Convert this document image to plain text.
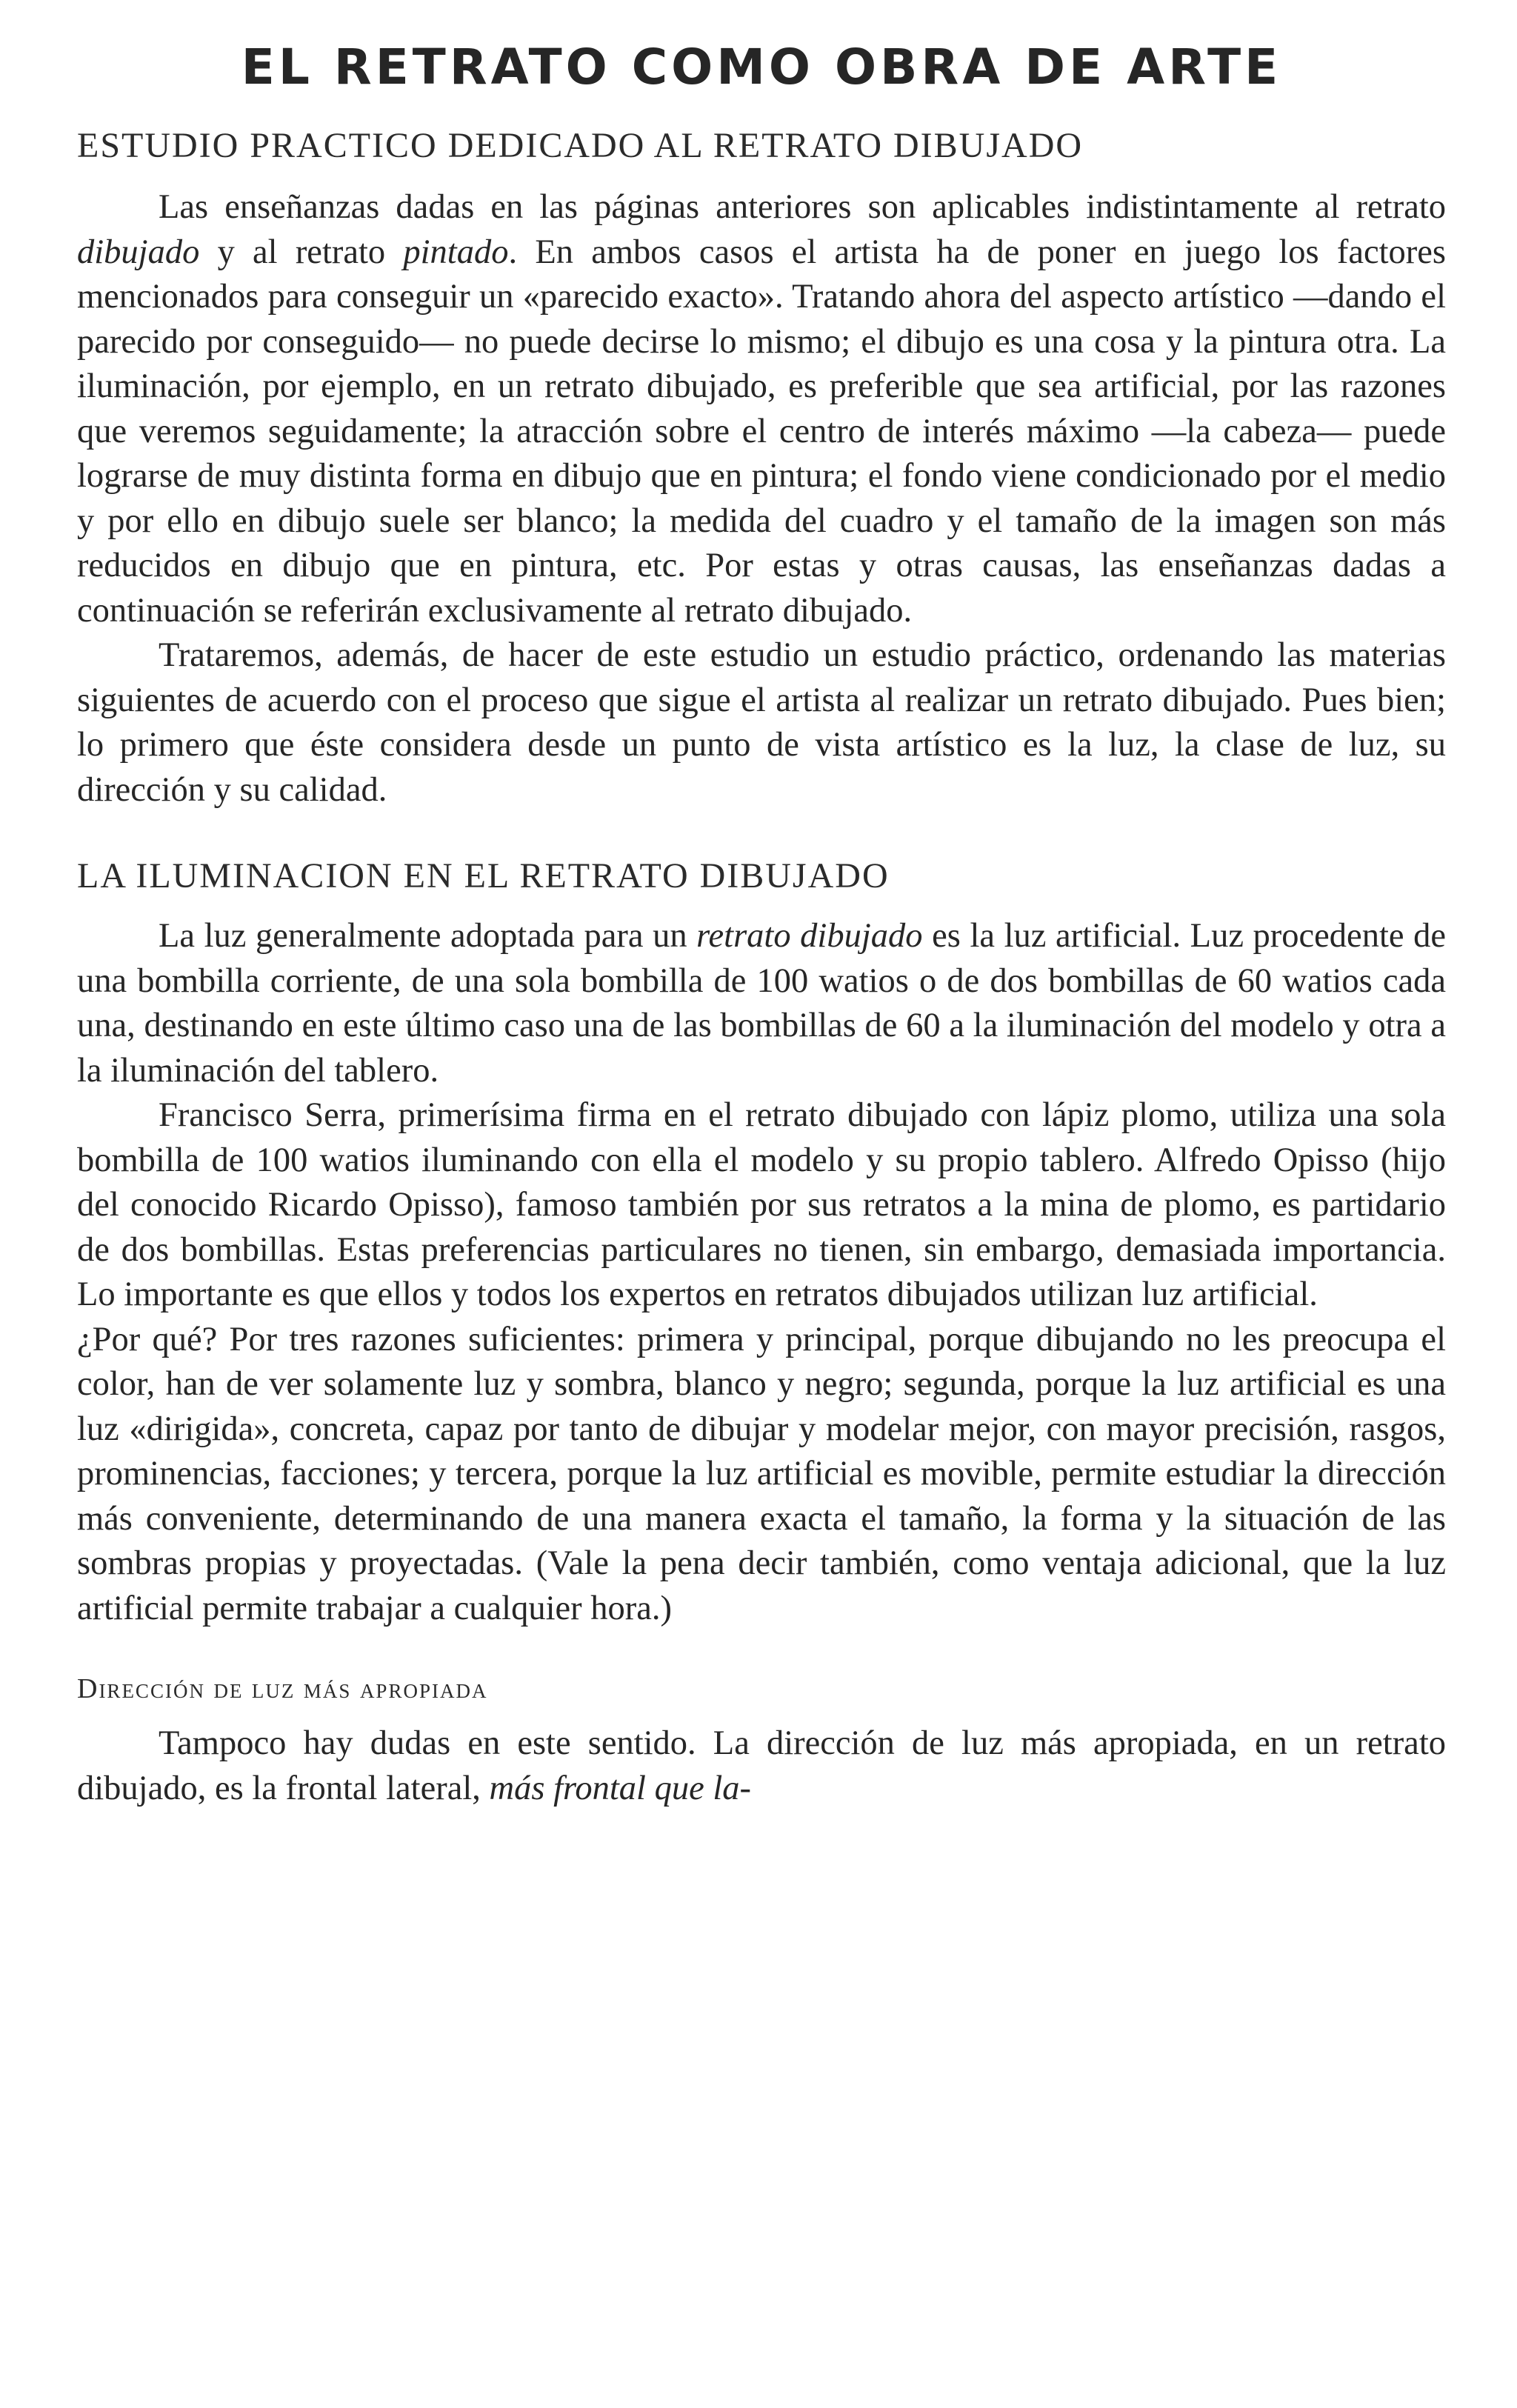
EL RETRATO COMO OBRA DE ARTE
ESTUDIO PRACTICO DEDICADO AL RETRATO DIBUJADO

Las enseñanzas dadas en las páginas anteriores son aplicables indistintamente al retrato dibujado y al retrato pintado. En ambos casos el artista ha de poner en juego los factores mencionados para conseguir un «parecido exacto». Tratando ahora del aspecto artístico —dando el parecido por conseguido— no puede decirse lo mismo; el dibujo es una cosa y la pintura otra. La iluminación, por ejemplo, en un retrato dibujado, es preferible que sea artificial, por las razones que veremos seguidamente; la atracción sobre el centro de interés máximo —la cabeza— puede lograrse de muy distinta forma en dibujo que en pintura; el fondo viene condicionado por el medio y por ello en dibujo suele ser blanco; la medida del cuadro y el tamaño de la imagen son más reducidos en dibujo que en pintura, etc. Por estas y otras causas, las enseñanzas dadas a continuación se referirán exclusivamente al retrato dibujado.

Trataremos, además, de hacer de este estudio un estudio práctico, ordenando las materias siguientes de acuerdo con el proceso que sigue el artista al realizar un retrato dibujado. Pues bien; lo primero que éste considera desde un punto de vista artístico es la luz, la clase de luz, su dirección y su calidad.

LA ILUMINACION EN EL RETRATO DIBUJADO

La luz generalmente adoptada para un retrato dibujado es la luz artificial. Luz procedente de una bombilla corriente, de una sola bombilla de 100 watios o de dos bombillas de 60 watios cada una, destinando en este último caso una de las bombillas de 60 a la iluminación del modelo y otra a la iluminación del tablero.

Francisco Serra, primerísima firma en el retrato dibujado con lápiz plomo, utiliza una sola bombilla de 100 watios iluminando con ella el modelo y su propio tablero. Alfredo Opisso (hijo del conocido Ricardo Opisso), famoso también por sus retratos a la mina de plomo, es partidario de dos bombillas. Estas preferencias particulares no tienen, sin embargo, demasiada importancia. Lo importante es que ellos y todos los expertos en retratos dibujados utilizan luz artificial.

¿Por qué? Por tres razones suficientes: primera y principal, porque dibujando no les preocupa el color, han de ver solamente luz y sombra, blanco y negro; segunda, porque la luz artificial es una luz «dirigida», concreta, capaz por tanto de dibujar y modelar mejor, con mayor precisión, rasgos, prominencias, facciones; y tercera, porque la luz artificial es movible, permite estudiar la dirección más conveniente, determinando de una manera exacta el tamaño, la forma y la situación de las sombras propias y proyectadas. (Vale la pena decir también, como ventaja adicional, que la luz artificial permite trabajar a cualquier hora.)

Dirección de luz más apropiada

Tampoco hay dudas en este sentido. La dirección de luz más apropiada, en un retrato dibujado, es la frontal lateral, más frontal que la-
